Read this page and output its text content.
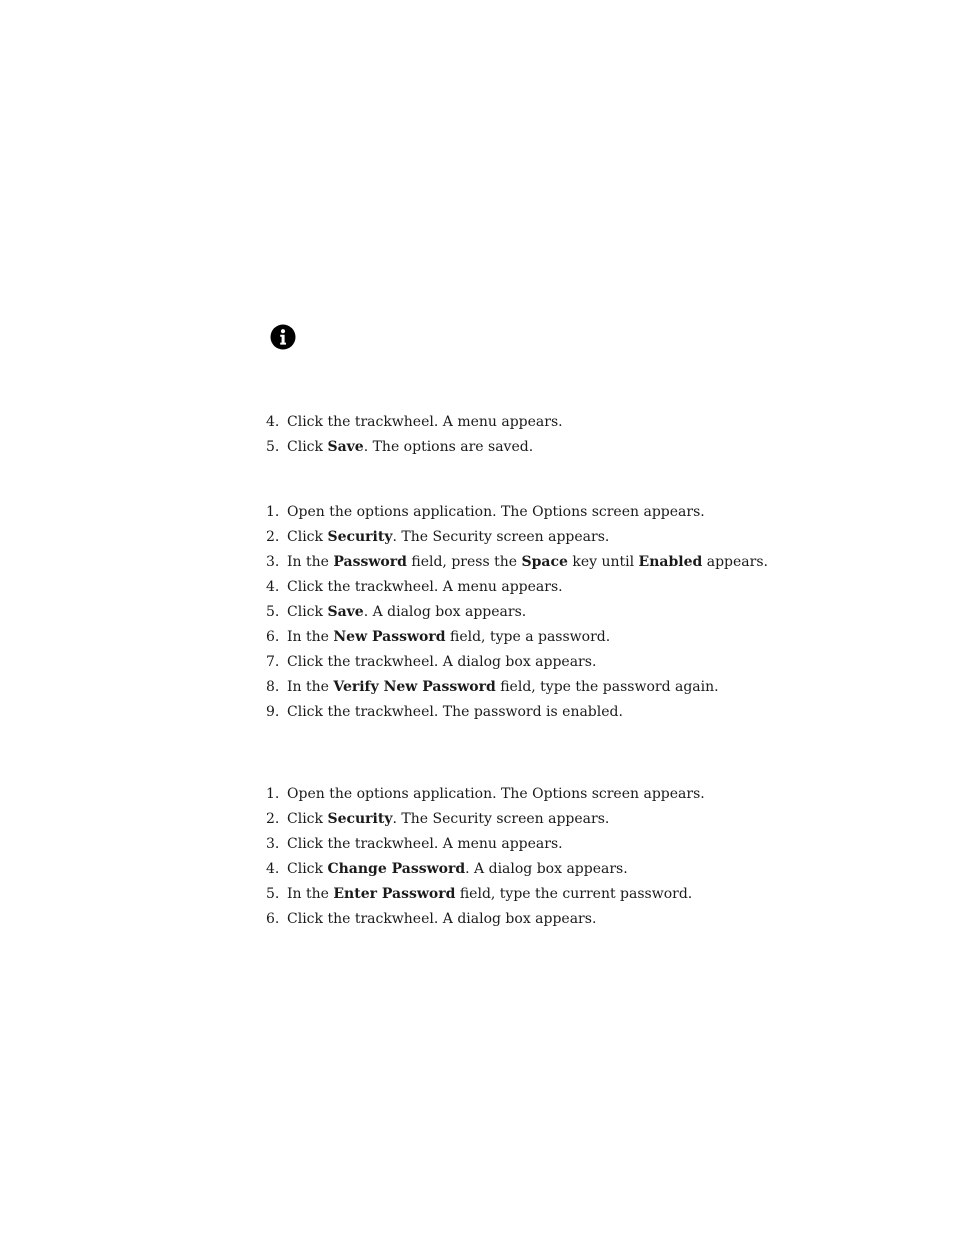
4. Click the trackwheel. A menu appears.
5. Click Save. The options are saved.
1. Open the options application. The Options screen appears.
2. Click Security. The Security screen appears.
3. In the Password field, press the Space key until Enabled appears.
4. Click the trackwheel. A menu appears.
5. Click Save. A dialog box appears.
6. In the New Password field, type a password.
7. Click the trackwheel. A dialog box appears.
8. In the Verify New Password field, type the password again.
9. Click the trackwheel. The password is enabled.
1. Open the options application. The Options screen appears.
2. Click Security. The Security screen appears.
3. Click the trackwheel. A menu appears.
4. Click Change Password. A dialog box appears.
5. In the Enter Password field, type the current password.
6. Click the trackwheel. A dialog box appears.
